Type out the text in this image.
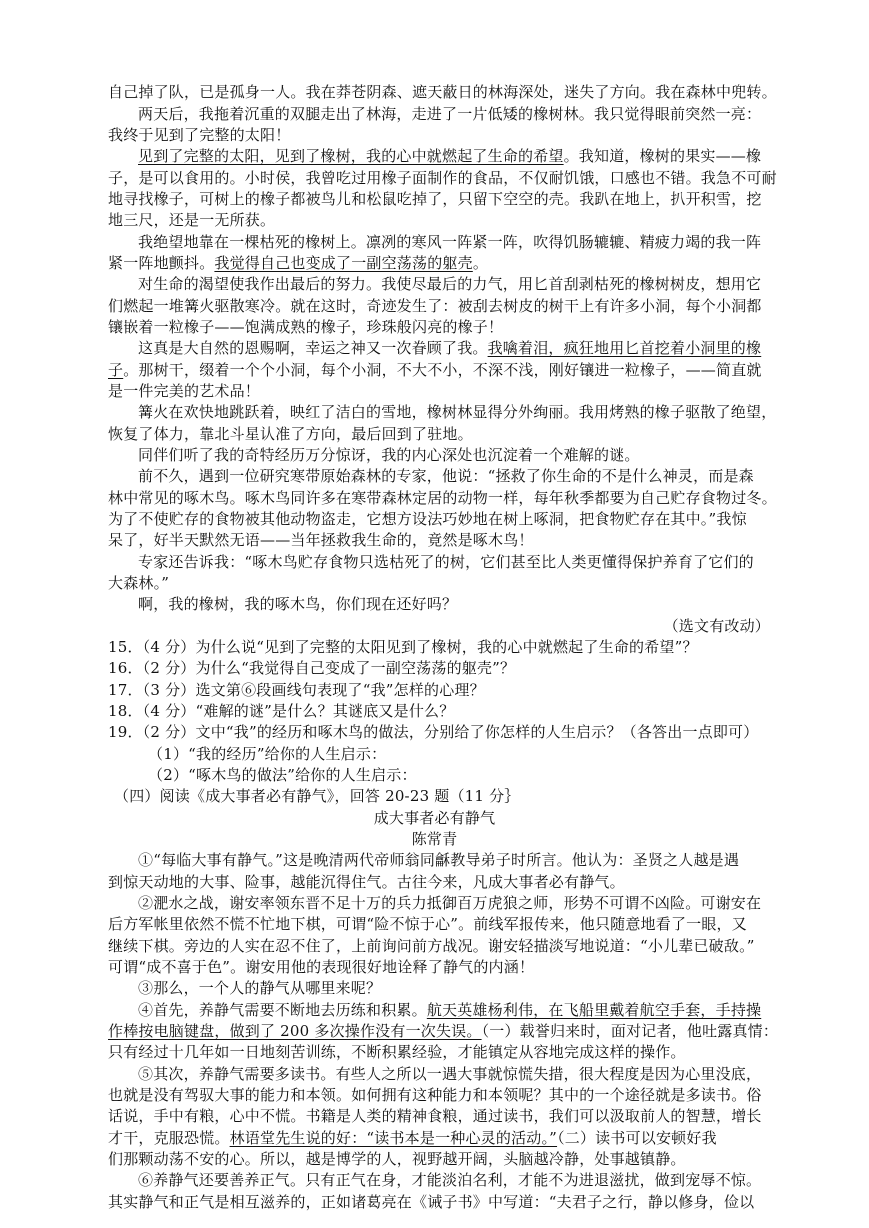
自己掉了队，已是孤身一人。我在莽苍阴森、遮天蔽日的林海深处，迷失了方向。我在森林中兜转。
两天后，我拖着沉重的双腿走出了林海，走进了一片低矮的橡树林。我只觉得眼前突然一亮：
我终于见到了完整的太阳！
见到了完整的太阳，见到了橡树，我的心中就燃起了生命的希望。我知道，橡树的果实——橡
子，是可以食用的。小时侯，我曾吃过用橡子面制作的食品，不仅耐饥饿，口感也不错。我急不可耐
地寻找橡子，可树上的橡子都被鸟儿和松鼠吃掉了，只留下空空的壳。我趴在地上，扒开积雪，挖
地三尺，还是一无所获。
我绝望地靠在一棵枯死的橡树上。凛冽的寒风一阵紧一阵，吹得饥肠辘辘、精疲力竭的我一阵
紧一阵地颤抖。我觉得自己也变成了一副空荡荡的躯壳。
对生命的渴望使我作出最后的努力。我使尽最后的力气，用匕首刮剥枯死的橡树树皮，想用它
们燃起一堆篝火驱散寒冷。就在这时，奇迹发生了：被刮去树皮的树干上有许多小洞，每个小洞都
镶嵌着一粒橡子——饱满成熟的橡子，珍珠般闪亮的橡子！
这真是大自然的恩赐啊，幸运之神又一次眷顾了我。我噙着泪，疯狂地用匕首挖着小洞里的橡
子。那树干，缀着一个个小洞，每个小洞，不大不小，不深不浅，刚好镶进一粒橡子，——简直就
是一件完美的艺术品！
篝火在欢快地跳跃着，映红了洁白的雪地，橡树林显得分外绚丽。我用烤熟的橡子驱散了绝望，
恢复了体力，靠北斗星认准了方向，最后回到了驻地。
同伴们听了我的奇特经历万分惊讶，我的内心深处也沉淀着一个难解的谜。
前不久，遇到一位研究寒带原始森林的专家，他说：“拯救了你生命的不是什么神灵，而是森
林中常见的啄木鸟。啄木鸟同许多在寒带森林定居的动物一样，每年秋季都要为自己贮存食物过冬。
为了不使贮存的食物被其他动物盗走，它想方设法巧妙地在树上啄洞，把食物贮存在其中。”我惊
呆了，好半天默然无语——当年拯救我生命的，竟然是啄木鸟！
专家还告诉我：“啄木鸟贮存食物只选枯死了的树，它们甚至比人类更懂得保护养育了它们的
大森林。”
啊，我的橡树，我的啄木鸟，你们现在还好吗？
（选文有改动）
15．（4 分）为什么说“见到了完整的太阳见到了橡树，我的心中就燃起了生命的希望”？
16．（2 分）为什么“我觉得自己变成了一副空荡荡的躯壳”？
17．（3 分）选文第⑥段画线句表现了“我”怎样的心理？
18．（4 分）“难解的谜”是什么？其谜底又是什么？
19．（2 分）文中“我”的经历和啄木鸟的做法，分别给了你怎样的人生启示？（各答出一点即可）
（1）“我的经历”给你的人生启示：
（2）“啄木鸟的做法”给你的人生启示：
（四）阅读《成大事者必有静气》，回答 20-23 题（11 分｝
成大事者必有静气
陈常青
①“每临大事有静气。”这是晚清两代帝师翁同龢教导弟子时所言。他认为：圣贤之人越是遇
到惊天动地的大事、险事，越能沉得住气。古往今来，凡成大事者必有静气。
②淝水之战，谢安率领东晋不足十万的兵力抵御百万虎狼之师，形势不可谓不凶险。可谢安在
后方军帐里依然不慌不忙地下棋，可谓“险不惊于心”。前线军报传来，他只随意地看了一眼，又
继续下棋。旁边的人实在忍不住了，上前询问前方战况。谢安轻描淡写地说道：“小儿辈已破敌。”
可谓“成不喜于色”。谢安用他的表现很好地诠释了静气的内涵！
③那么，一个人的静气从哪里来呢？
④首先，养静气需要不断地去历练和积累。航天英雄杨利伟，在飞船里戴着航空手套，手持操
作棒按电脑键盘，做到了 200 多次操作没有一次失误。（一）载誉归来时，面对记者，他吐露真情：
只有经过十几年如一日地刻苦训练，不断积累经验，才能镇定从容地完成这样的操作。
⑤其次，养静气需要多读书。有些人之所以一遇大事就惊慌失措，很大程度是因为心里没底，
也就是没有驾驭大事的能力和本领。如何拥有这种能力和本领呢？其中的一个途径就是多读书。俗
话说，手中有粮，心中不慌。书籍是人类的精神食粮，通过读书，我们可以汲取前人的智慧，增长
才干，克服恐慌。林语堂先生说的好：“读书本是一种心灵的活动。”（二）读书可以安顿好我
们那颗动荡不安的心。所以，越是博学的人，视野越开阔，头脑越冷静，处事越镇静。
⑥养静气还要善养正气。只有正气在身，才能淡泊名利，才能不为进退滋扰，做到宠辱不惊。
其实静气和正气是相互滋养的，正如诸葛亮在《诫子书》中写道：“夫君子之行，静以修身，俭以
